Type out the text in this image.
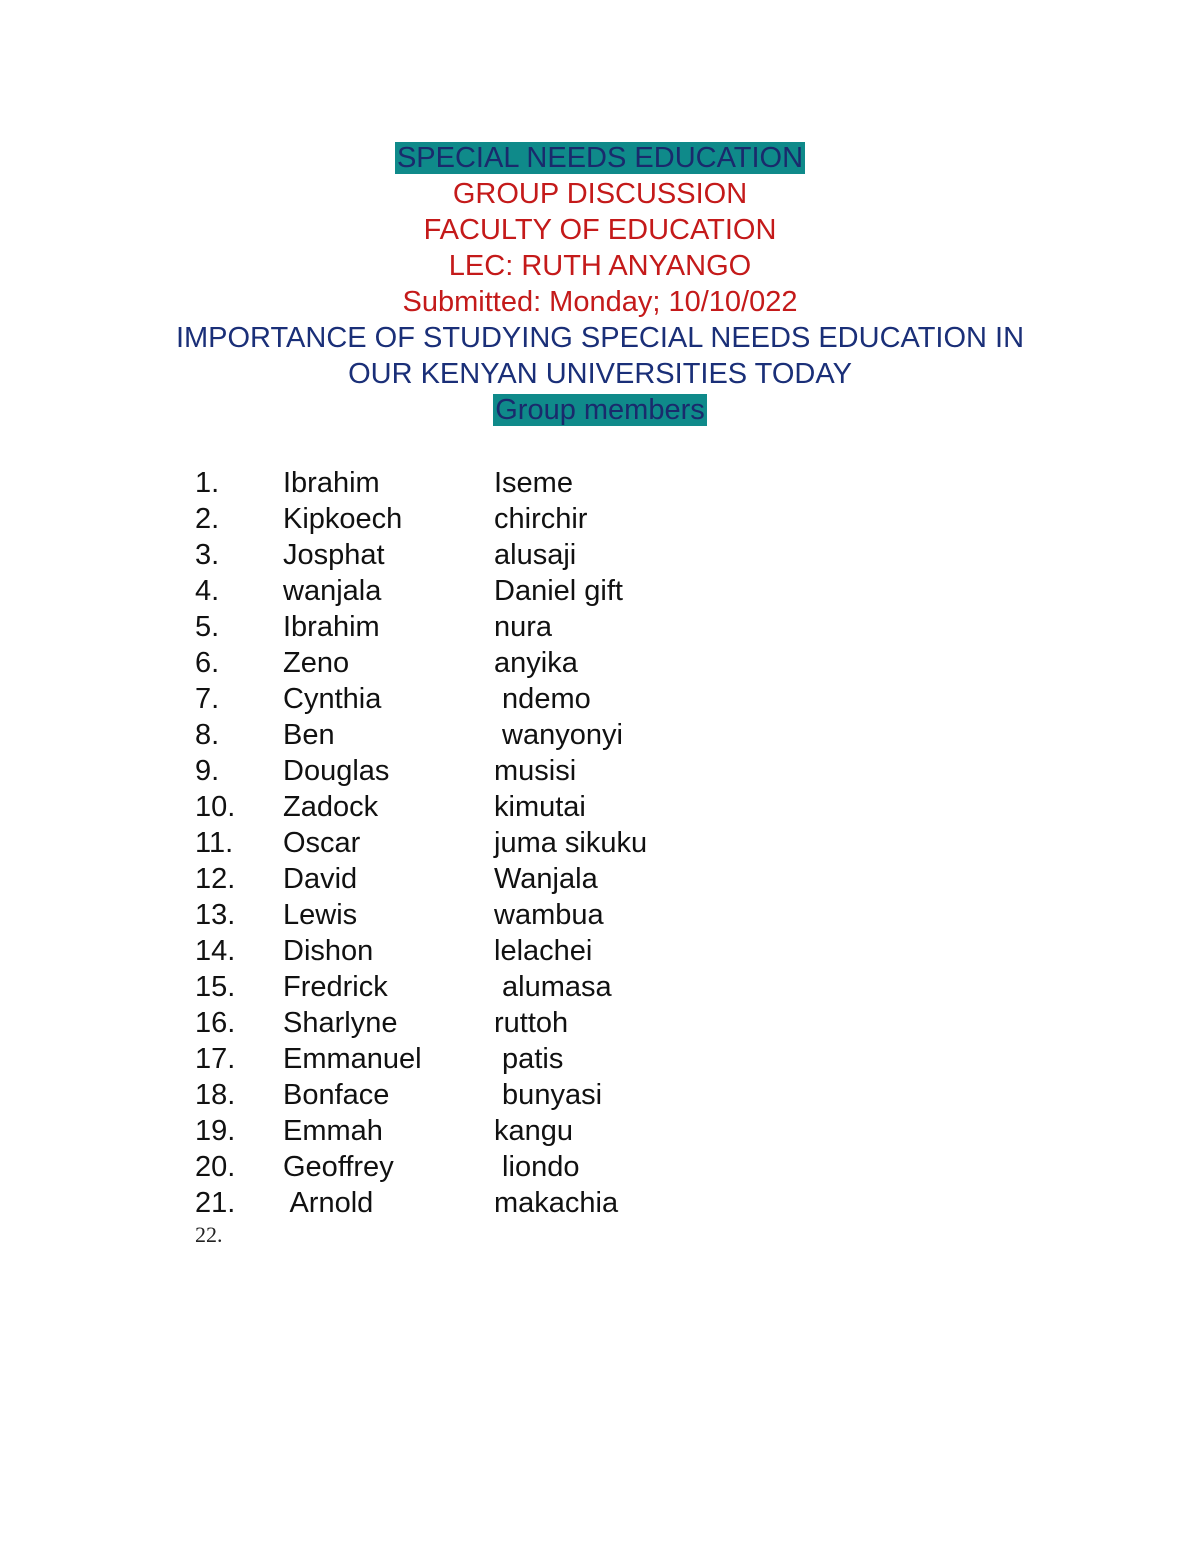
SPECIAL NEEDS EDUCATION
GROUP DISCUSSION
FACULTY OF EDUCATION
LEC: RUTH ANYANGO
Submitted: Monday; 10/10/022
IMPORTANCE OF STUDYING SPECIAL NEEDS EDUCATION IN
OUR KENYAN UNIVERSITIES TODAY
Group members
1. Ibrahim	Iseme
2. Kipkoech	chirchir
3. Josphat	alusaji
4. wanjala	Daniel gift
5. Ibrahim	nura
6. Zeno	anyika
7. Cynthia	ndemo
8. Ben	wanyonyi
9. Douglas	musisi
10. Zadock	kimutai
11. Oscar	juma sikuku
12. David	Wanjala
13. Lewis	wambua
14. Dishon	lelachei
15. Fredrick	alumasa
16. Sharlyne	ruttoh
17. Emmanuel patis
18. Bonface	bunyasi
19. Emmah	kangu
20. Geoffrey	liondo
21. Arnold	makachia
22.
